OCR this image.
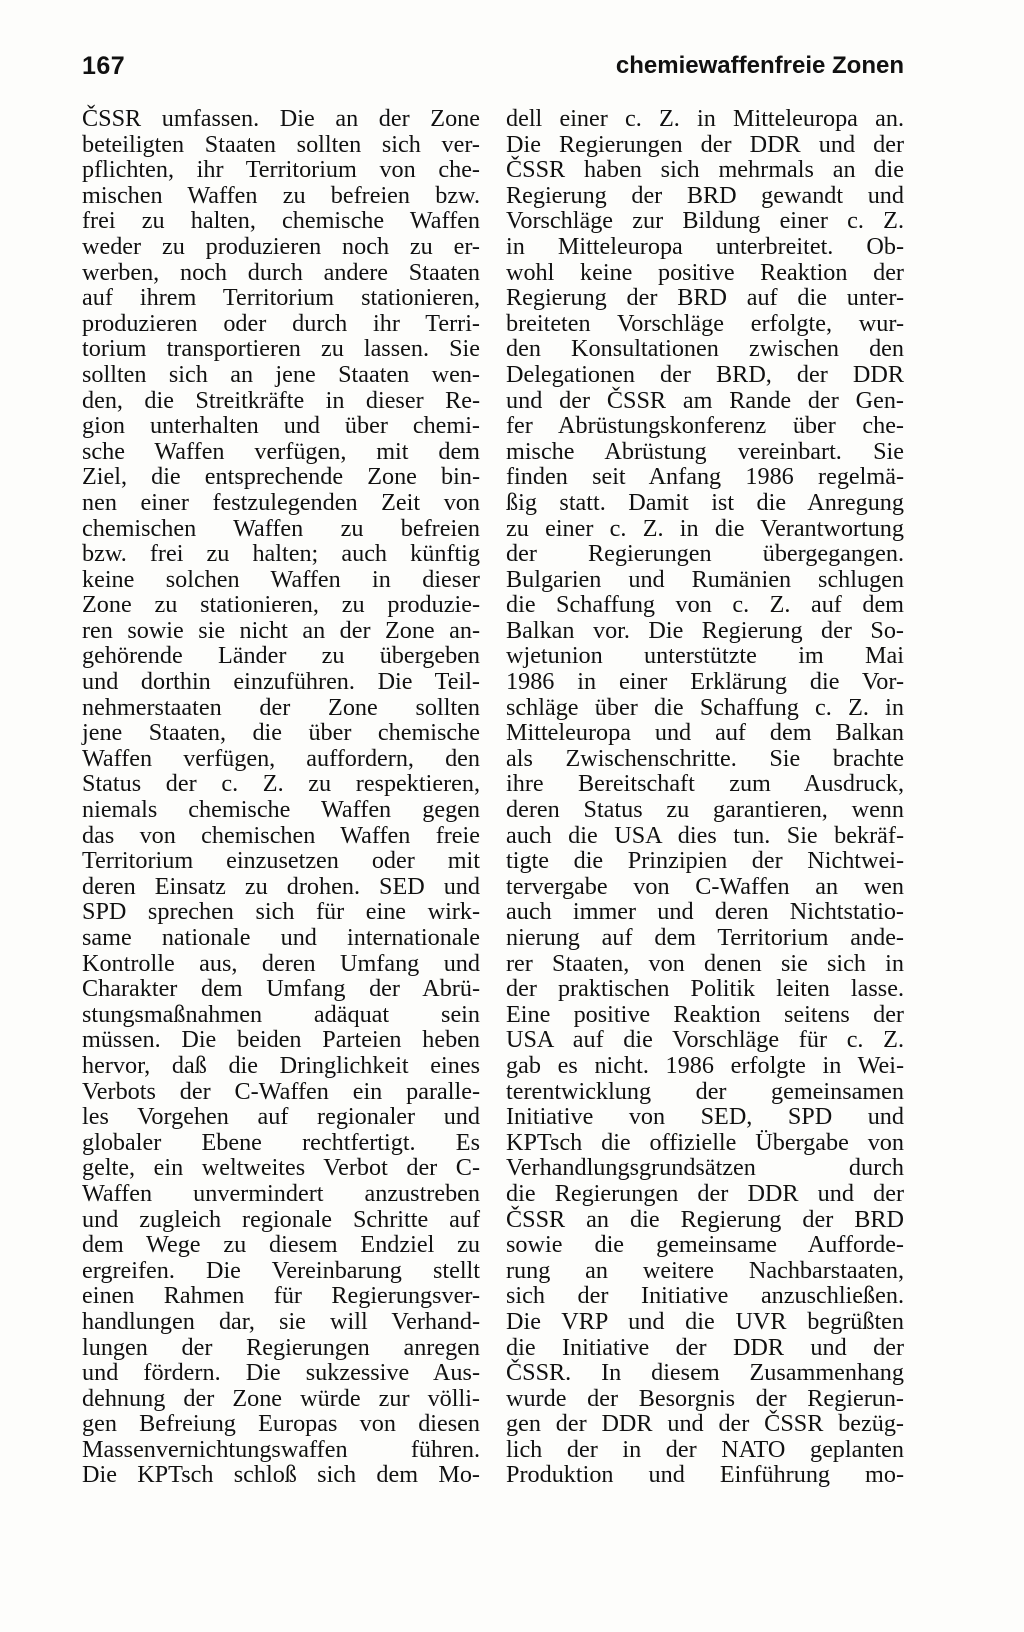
167	chemiewaffenfreie Zonen
ČSSR umfassen. Die an der Zone
beteiligten Staaten sollten sich ver-
pflichten, ihr Territorium von che-
mischen Waffen zu befreien bzw.
frei zu halten, chemische Waffen
weder zu produzieren noch zu er-
werben, noch durch andere Staaten
auf ihrem Territorium stationieren,
produzieren oder durch ihr Terri-
torium transportieren zu lassen. Sie
sollten sich an jene Staaten wen-
den, die Streitkräfte in dieser Re-
gion unterhalten und über chemi-
sche Waffen verfügen, mit dem
Ziel, die entsprechende Zone bin-
nen einer festzulegenden Zeit von
chemischen Waffen zu befreien
bzw. frei zu halten; auch künftig
keine solchen Waffen in dieser
Zone zu stationieren, zu produzie-
ren sowie sie nicht an der Zone an-
gehörende Länder zu übergeben
und dorthin einzuführen. Die Teil-
nehmerstaaten der Zone sollten
jene Staaten, die über chemische
Waffen verfügen, auffordern, den
Status der c. Z. zu respektieren,
niemals chemische Waffen gegen
das von chemischen Waffen freie
Territorium einzusetzen oder mit
deren Einsatz zu drohen. SED und
SPD sprechen sich für eine wirk-
same nationale und internationale
Kontrolle aus, deren Umfang und
Charakter dem Umfang der Abrü-
stungsmaßnahmen adäquat sein
müssen. Die beiden Parteien heben
hervor, daß die Dringlichkeit eines
Verbots der C-Waffen ein paralle-
les Vorgehen auf regionaler und
globaler Ebene rechtfertigt. Es
gelte, ein weltweites Verbot der C-
Waffen unvermindert anzustreben
und zugleich regionale Schritte auf
dem Wege zu diesem Endziel zu
ergreifen. Die Vereinbarung stellt
einen Rahmen für Regierungsver-
handlungen dar, sie will Verhand-
lungen der Regierungen anregen
und fördern. Die sukzessive Aus-
dehnung der Zone würde zur völli-
gen Befreiung Europas von diesen
Massenvernichtungswaffen führen.
Die KPTsch schloß sich dem Mo-
dell einer c. Z. in Mitteleuropa an.
Die Regierungen der DDR und der
ČSSR haben sich mehrmals an die
Regierung der BRD gewandt und
Vorschläge zur Bildung einer c. Z.
in Mitteleuropa unterbreitet. Ob-
wohl keine positive Reaktion der
Regierung der BRD auf die unter-
breiteten Vorschläge erfolgte, wur-
den Konsultationen zwischen den
Delegationen der BRD, der DDR
und der ČSSR am Rande der Gen-
fer Abrüstungskonferenz über che-
mische Abrüstung vereinbart. Sie
finden seit Anfang 1986 regelmä-
ßig statt. Damit ist die Anregung
zu einer c. Z. in die Verantwortung
der Regierungen übergegangen.
Bulgarien und Rumänien schlugen
die Schaffung von c. Z. auf dem
Balkan vor. Die Regierung der So-
wjetunion unterstützte im Mai
1986 in einer Erklärung die Vor-
schläge über die Schaffung c. Z. in
Mitteleuropa und auf dem Balkan
als Zwischenschritte. Sie brachte
ihre Bereitschaft zum Ausdruck,
deren Status zu garantieren, wenn
auch die USA dies tun. Sie bekräf-
tigte die Prinzipien der Nichtwei-
tervergabe von C-Waffen an wen
auch immer und deren Nichtstatio-
nierung auf dem Territorium ande-
rer Staaten, von denen sie sich in
der praktischen Politik leiten lasse.
Eine positive Reaktion seitens der
USA auf die Vorschläge für c. Z.
gab es nicht. 1986 erfolgte in Wei-
terentwicklung der gemeinsamen
Initiative von SED, SPD und
KPTsch die offizielle Übergabe von
Verhandlungsgrundsätzen durch
die Regierungen der DDR und der
ČSSR an die Regierung der BRD
sowie die gemeinsame Aufforde-
rung an weitere Nachbarstaaten,
sich der Initiative anzuschließen.
Die VRP und die UVR begrüßten
die Initiative der DDR und der
ČSSR. In diesem Zusammenhang
wurde der Besorgnis der Regierun-
gen der DDR und der ČSSR bezüg-
lich der in der NATO geplanten
Produktion und Einführung mo-
